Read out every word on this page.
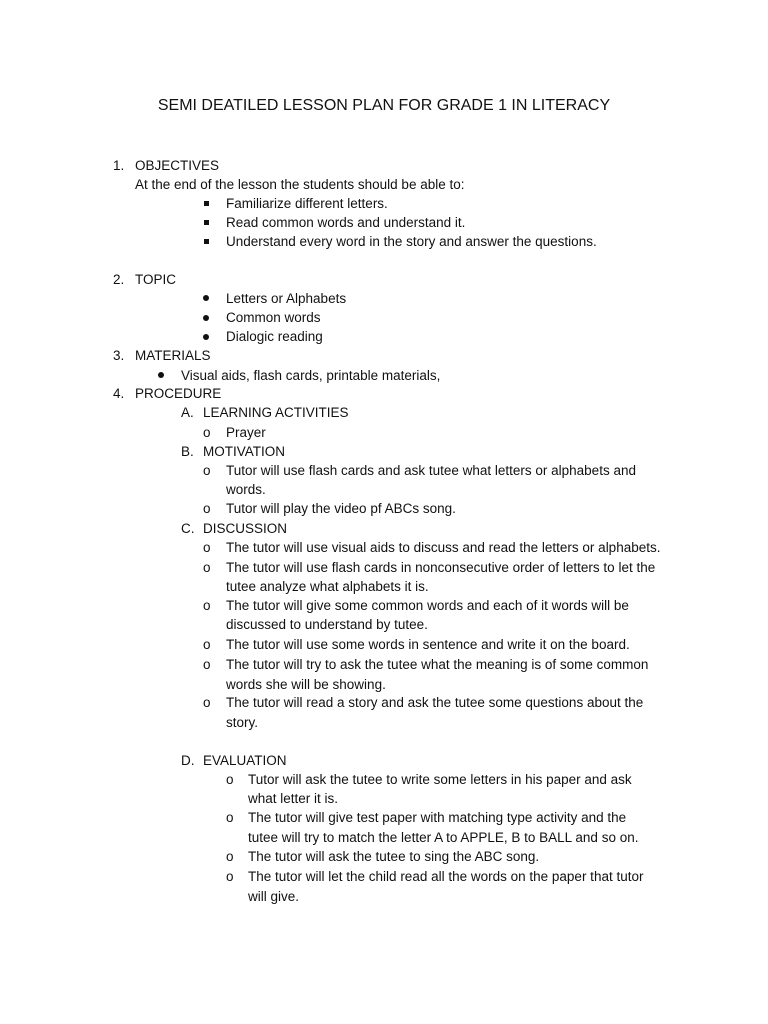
SEMI DEATILED LESSON PLAN FOR GRADE 1 IN LITERACY
1. OBJECTIVES
At the end of the lesson the students should be able to:
Familiarize different letters.
Read common words and understand it.
Understand every word in the story and answer the questions.
2. TOPIC
Letters or Alphabets
Common words
Dialogic reading
3. MATERIALS
Visual aids, flash cards, printable materials,
4. PROCEDURE
A. LEARNING ACTIVITIES
o Prayer
B. MOTIVATION
o Tutor will use flash cards and ask tutee what letters or alphabets and
words.
o Tutor will play the video pf ABCs song.
C. DISCUSSION
o The tutor will use visual aids to discuss and read the letters or alphabets.
o The tutor will use flash cards in nonconsecutive order of letters to let the
tutee analyze what alphabets it is.
o The tutor will give some common words and each of it words will be
discussed to understand by tutee.
o The tutor will use some words in sentence and write it on the board.
o The tutor will try to ask the tutee what the meaning is of some common
words she will be showing.
o The tutor will read a story and ask the tutee some questions about the
story.
D. EVALUATION
o Tutor will ask the tutee to write some letters in his paper and ask
what letter it is.
o The tutor will give test paper with matching type activity and the
tutee will try to match the letter A to APPLE, B to BALL and so on.
o The tutor will ask the tutee to sing the ABC song.
o The tutor will let the child read all the words on the paper that tutor
will give.
